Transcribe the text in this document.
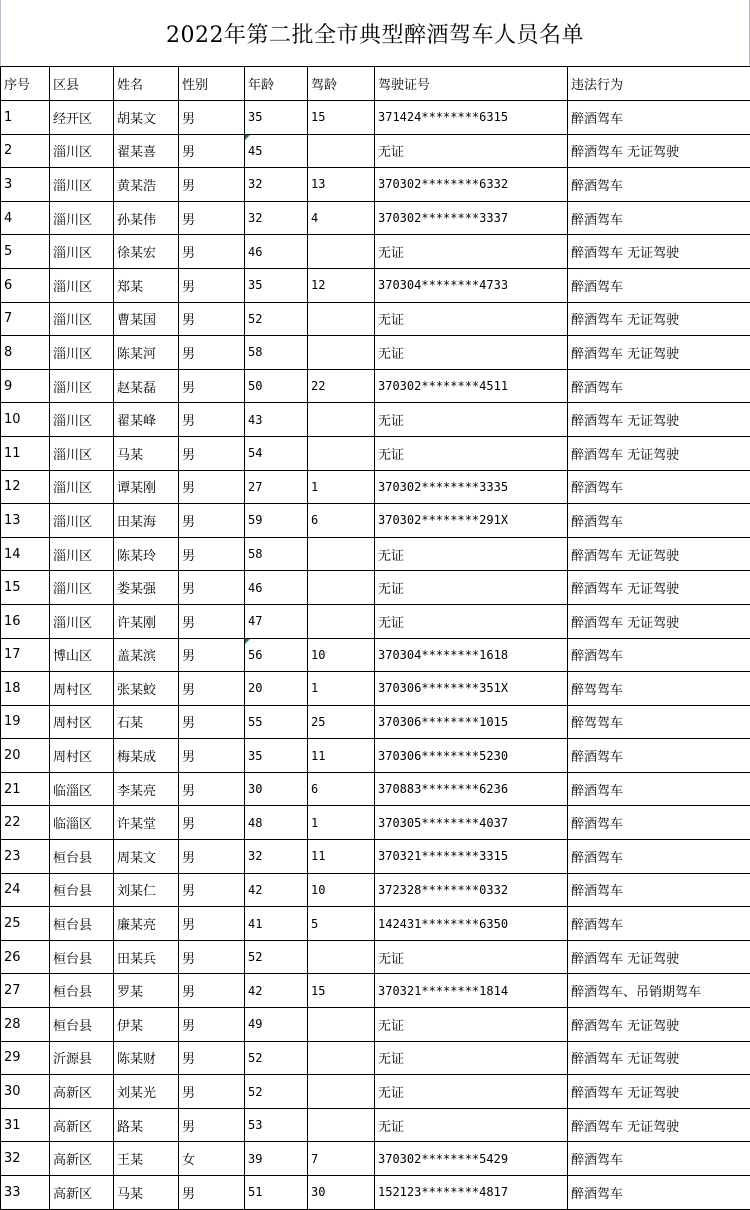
2022年第二批全市典型醉酒驾车人员名单
序号	区县	姓名	性别	年龄	驾龄	驾驶证号	违法行为
1	经开区	胡某文	男	35	15	371424********6315	醉酒驾车
2	淄川区	翟某喜	男	45		无证	醉酒驾车 无证驾驶
3	淄川区	黄某浩	男	32	13	370302********6332	醉酒驾车
4	淄川区	孙某伟	男	32	4	370302********3337	醉酒驾车
5	淄川区	徐某宏	男	46		无证	醉酒驾车 无证驾驶
6	淄川区	郑某	男	35	12	370304********4733	醉酒驾车
7	淄川区	曹某国	男	52		无证	醉酒驾车 无证驾驶
8	淄川区	陈某河	男	58		无证	醉酒驾车 无证驾驶
9	淄川区	赵某磊	男	50	22	370302********4511	醉酒驾车
10	淄川区	翟某峰	男	43		无证	醉酒驾车 无证驾驶
11	淄川区	马某	男	54		无证	醉酒驾车 无证驾驶
12	淄川区	谭某刚	男	27	1	370302********3335	醉酒驾车
13	淄川区	田某海	男	59	6	370302********291X	醉酒驾车
14	淄川区	陈某玲	男	58		无证	醉酒驾车 无证驾驶
15	淄川区	娄某强	男	46		无证	醉酒驾车 无证驾驶
16	淄川区	许某刚	男	47		无证	醉酒驾车 无证驾驶
17	博山区	盖某滨	男	56	10	370304********1618	醉酒驾车
18	周村区	张某蛟	男	20	1	370306********351X	醉驾驾车
19	周村区	石某	男	55	25	370306********1015	醉驾驾车
20	周村区	梅某成	男	35	11	370306********5230	醉酒驾车
21	临淄区	李某亮	男	30	6	370883********6236	醉酒驾车
22	临淄区	许某堂	男	48	1	370305********4037	醉酒驾车
23	桓台县	周某文	男	32	11	370321********3315	醉酒驾车
24	桓台县	刘某仁	男	42	10	372328********0332	醉酒驾车
25	桓台县	廉某亮	男	41	5	142431********6350	醉酒驾车
26	桓台县	田某兵	男	52		无证	醉酒驾车 无证驾驶
27	桓台县	罗某	男	42	15	370321********1814	醉酒驾车、吊销期驾车
28	桓台县	伊某	男	49		无证	醉酒驾车 无证驾驶
29	沂源县	陈某财	男	52		无证	醉酒驾车 无证驾驶
30	高新区	刘某光	男	52		无证	醉酒驾车 无证驾驶
31	高新区	路某	男	53		无证	醉酒驾车 无证驾驶
32	高新区	王某	女	39	7	370302********5429	醉酒驾车
33	高新区	马某	男	51	30	152123********4817	醉酒驾车
